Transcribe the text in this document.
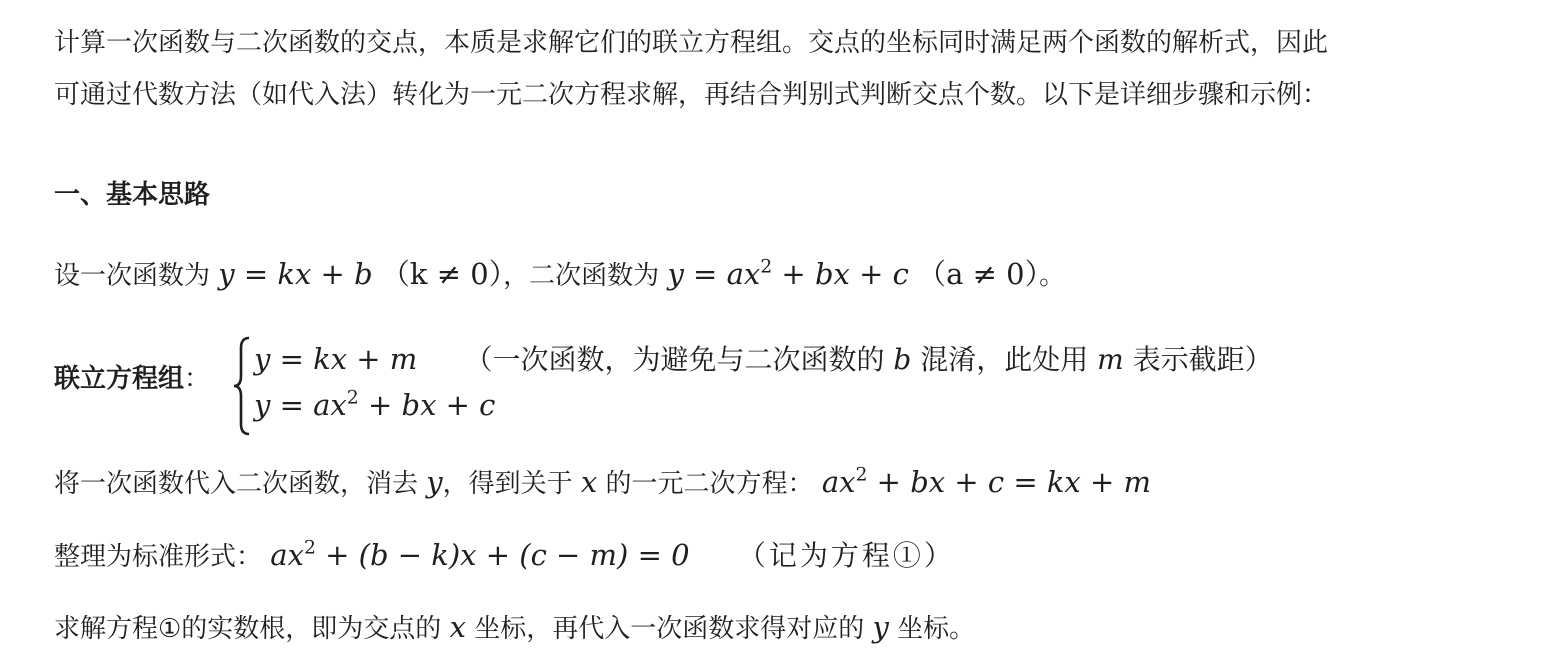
计算一次函数与二次函数的交点，本质是求解它们的联立方程组。交点的坐标同时满足两个函数的解析式，因此
可通过代数方法（如代入法）转化为一元二次方程求解，再结合判别式判断交点个数。以下是详细步骤和示例：
一、基本思路
设一次函数为 y = kx + b （k ≠ 0），二次函数为 $y = ax^2$ + bx + c （a ≠ 0）。
联立方程组：
y = kx + m （一次函数，为避免与二次函数的 b 混淆，此处用 m 表示截距）
$y = ax^2$ + bx + c
将一次函数代入二次函数，消去 y，得到关于 x 的一元二次方程： $ax^2$ + bx + c = kx + m
整理为标准形式： $ax^2 + (b - k)x + (c - m) = 0$ （记为方程①）
求解方程①的实数根，即为交点的 x 坐标，再代入一次函数求得对应的 y 坐标。
